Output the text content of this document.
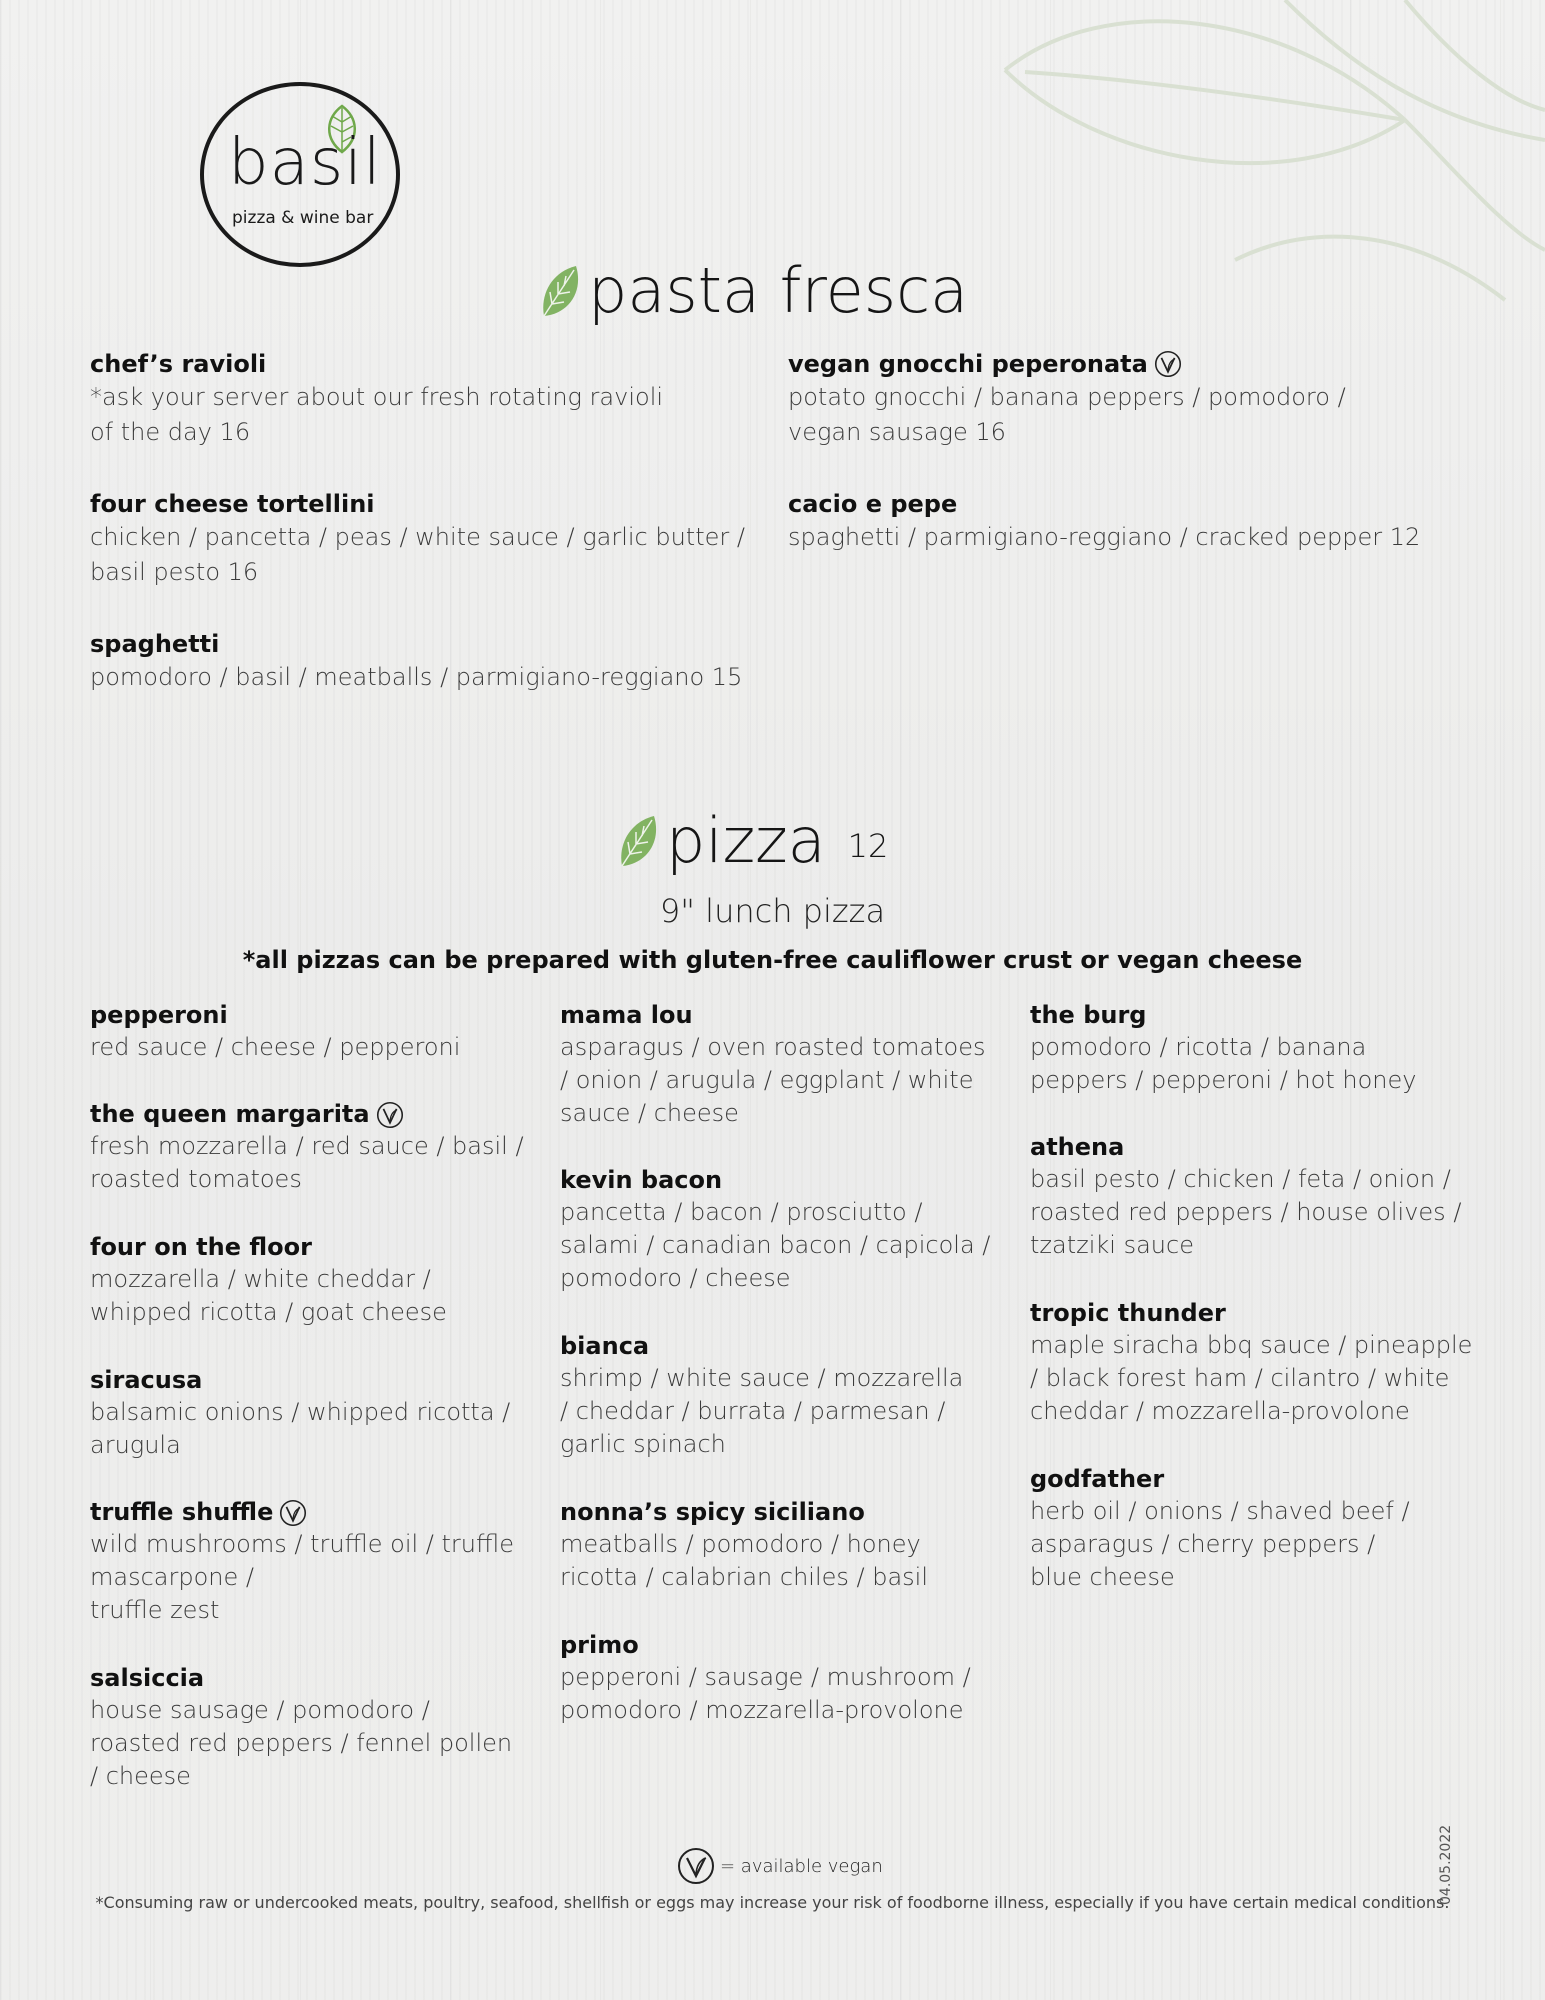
basil
pizza & wine bar
pasta fresca
chef’s ravioli
*ask your server about our fresh rotating ravioli
of the day 16
four cheese tortellini
chicken / pancetta / peas / white sauce / garlic butter /
basil pesto 16
spaghetti
pomodoro / basil / meatballs / parmigiano-reggiano 15
vegan gnocchi peperonata
potato gnocchi / banana peppers / pomodoro /
vegan sausage 16
cacio e pepe
spaghetti / parmigiano-reggiano / cracked pepper 12
pizza 12
9" lunch pizza
*all pizzas can be prepared with gluten-free cauliflower crust or vegan cheese
pepperoni
red sauce / cheese / pepperoni
the queen margarita
fresh mozzarella / red sauce / basil /
roasted tomatoes
four on the floor
mozzarella / white cheddar /
whipped ricotta / goat cheese
siracusa
balsamic onions / whipped ricotta /
arugula
truffle shuffle
wild mushrooms / truffle oil / truffle
mascarpone /
truffle zest
salsiccia
house sausage / pomodoro /
roasted red peppers / fennel pollen
/ cheese
mama lou
asparagus / oven roasted tomatoes
/ onion / arugula / eggplant / white
sauce / cheese
kevin bacon
pancetta / bacon / prosciutto /
salami / canadian bacon / capicola /
pomodoro / cheese
bianca
shrimp / white sauce / mozzarella
/ cheddar / burrata / parmesan /
garlic spinach
nonna’s spicy siciliano
meatballs / pomodoro / honey
ricotta / calabrian chiles / basil
primo
pepperoni / sausage / mushroom /
pomodoro / mozzarella-provolone
the burg
pomodoro / ricotta / banana
peppers / pepperoni / hot honey
athena
basil pesto / chicken / feta / onion /
roasted red peppers / house olives /
tzatziki sauce
tropic thunder
maple siracha bbq sauce / pineapple
/ black forest ham / cilantro / white
cheddar / mozzarella-provolone
godfather
herb oil / onions / shaved beef /
asparagus / cherry peppers /
blue cheese
= available vegan
*Consuming raw or undercooked meats, poultry, seafood, shellfish or eggs may increase your risk of foodborne illness, especially if you have certain medical conditions.
04.05.2022
